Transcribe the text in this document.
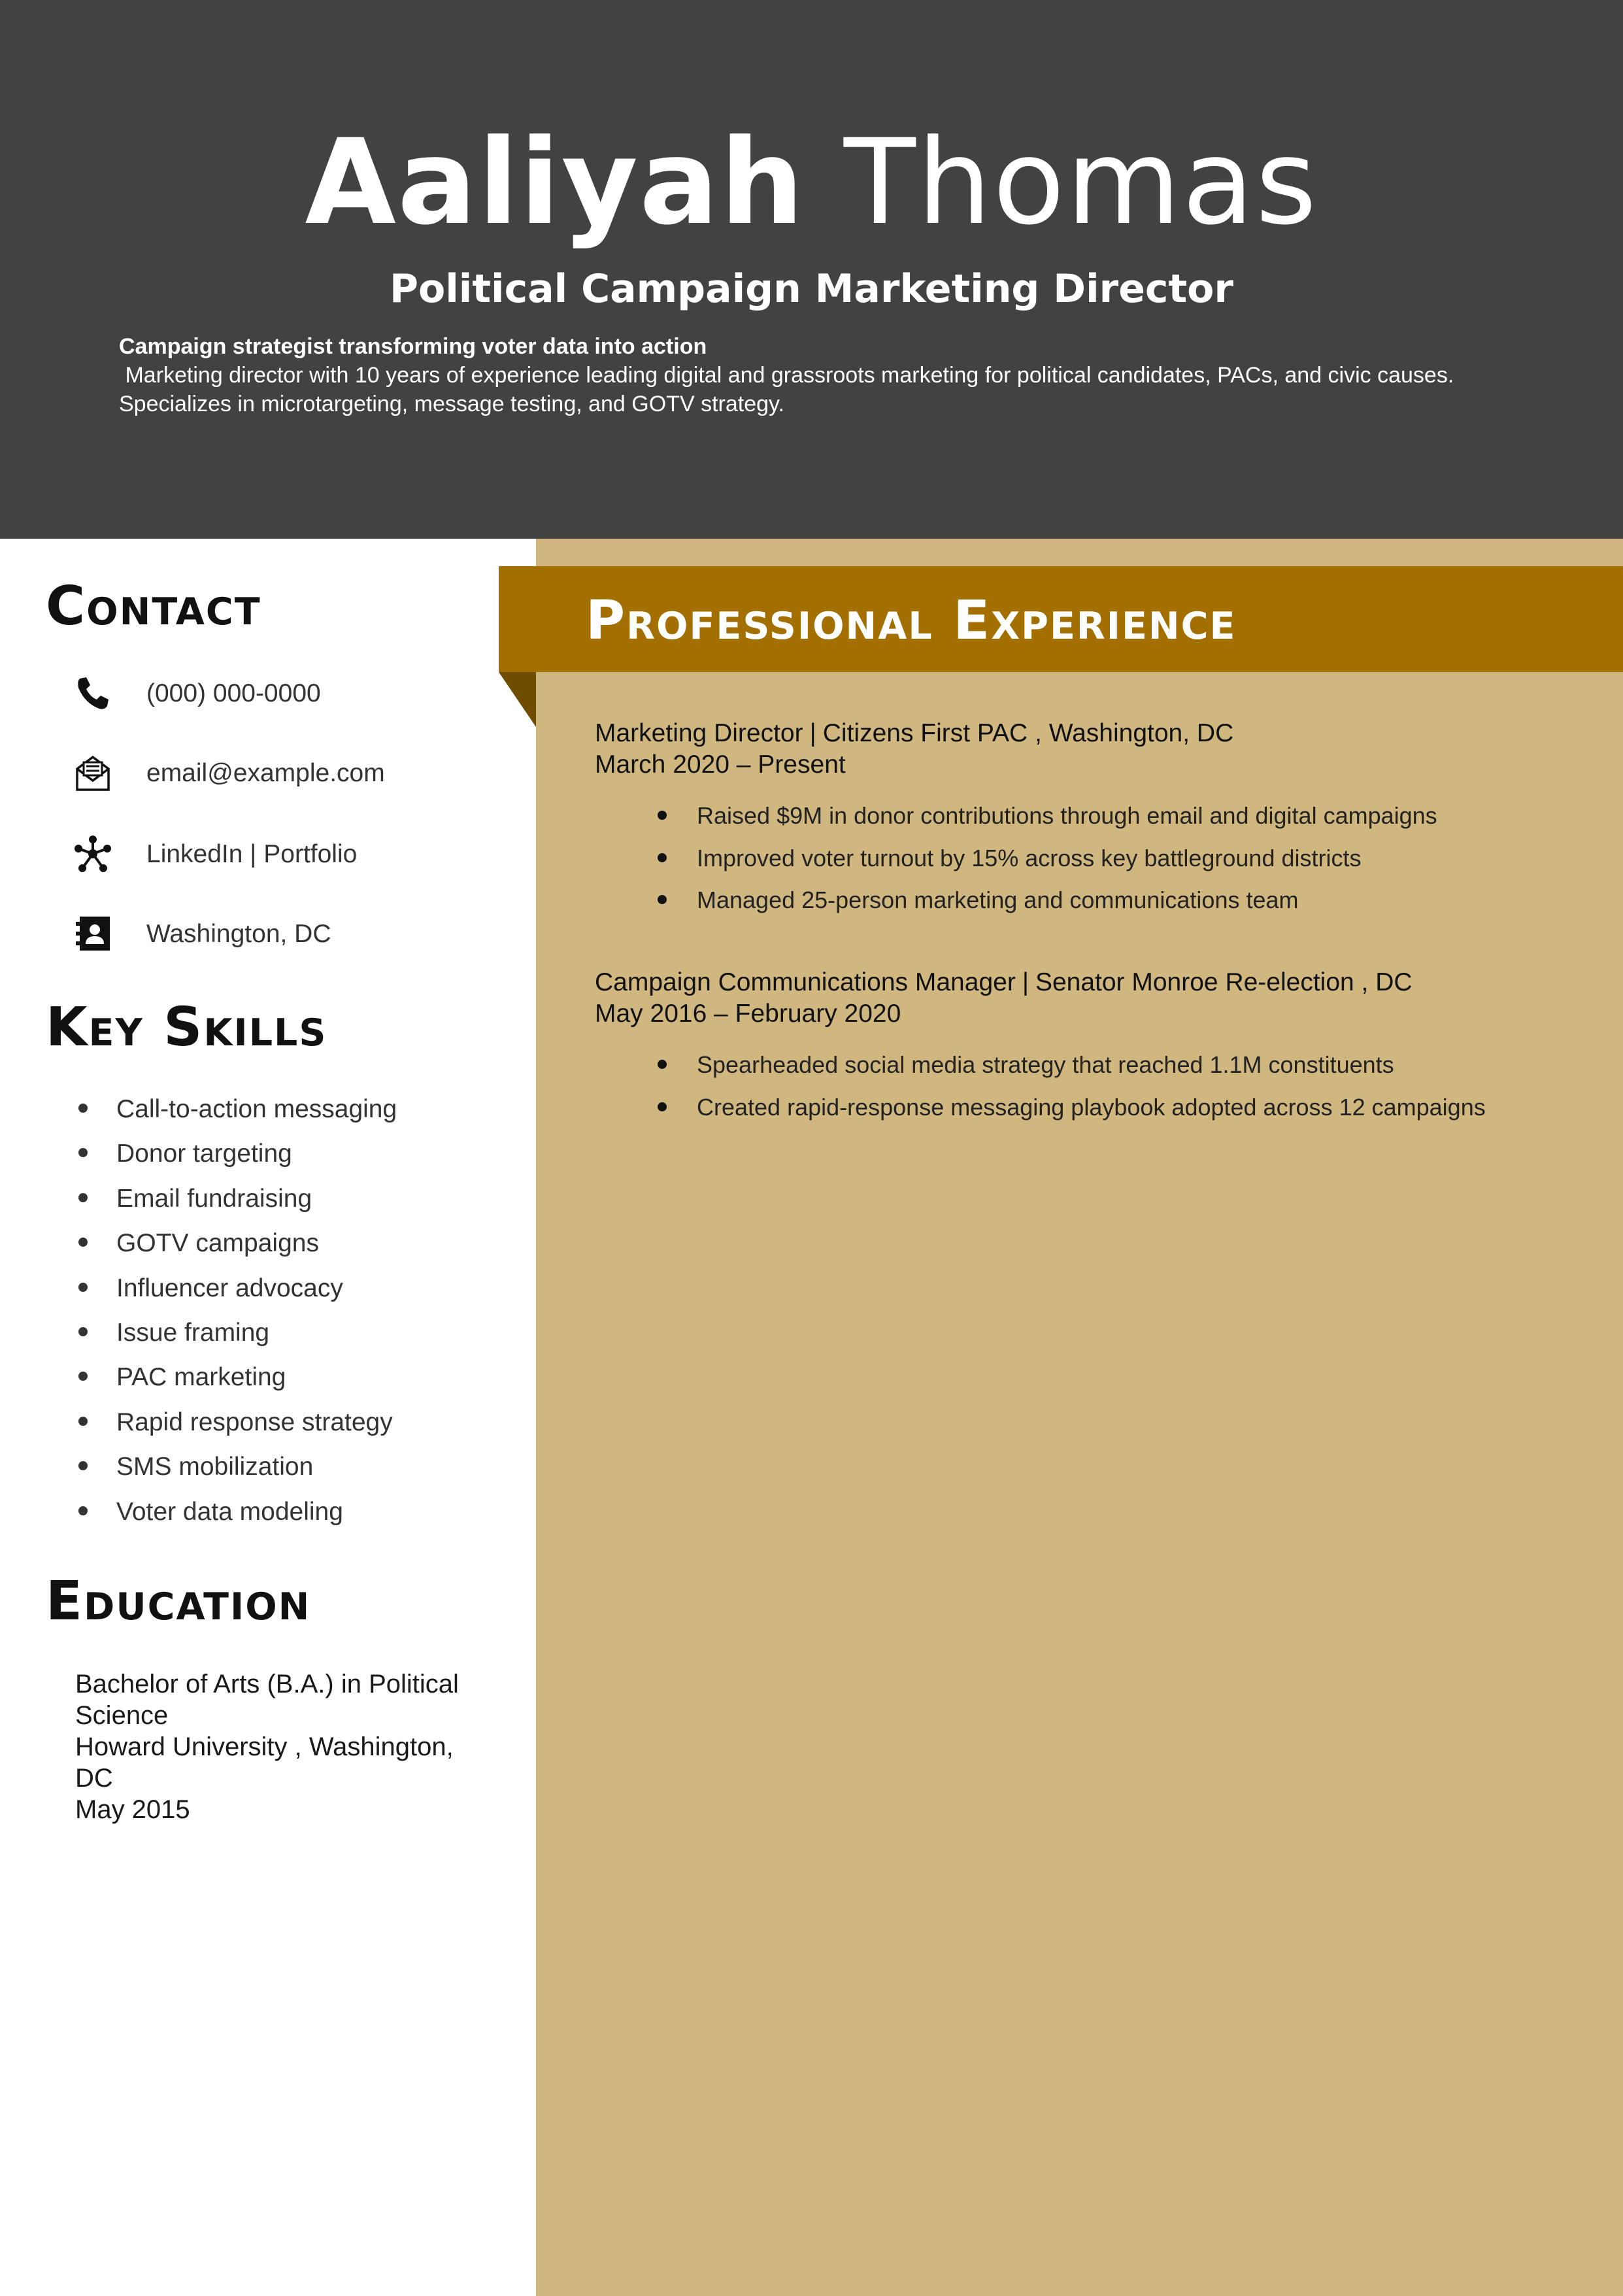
Aaliyah Thomas
Political Campaign Marketing Director
Campaign strategist transforming voter data into action
Marketing director with 10 years of experience leading digital and grassroots marketing for political candidates, PACs, and civic causes.
Specializes in microtargeting, message testing, and GOTV strategy.
Professional Experience
Contact
(000) 000-0000
email@example.com
LinkedIn | Portfolio
Washington, DC
Key Skills
Call-to-action messaging
Donor targeting
Email fundraising
GOTV campaigns
Influencer advocacy
Issue framing
PAC marketing
Rapid response strategy
SMS mobilization
Voter data modeling
Education
Bachelor of Arts (B.A.) in Political
Science
Howard University , Washington,
DC
May 2015
Marketing Director | Citizens First PAC , Washington, DC
March 2020 – Present
Raised $9M in donor contributions through email and digital campaigns
Improved voter turnout by 15% across key battleground districts
Managed 25-person marketing and communications team
Campaign Communications Manager | Senator Monroe Re-election , DC
May 2016 – February 2020
Spearheaded social media strategy that reached 1.1M constituents
Created rapid-response messaging playbook adopted across 12 campaigns
